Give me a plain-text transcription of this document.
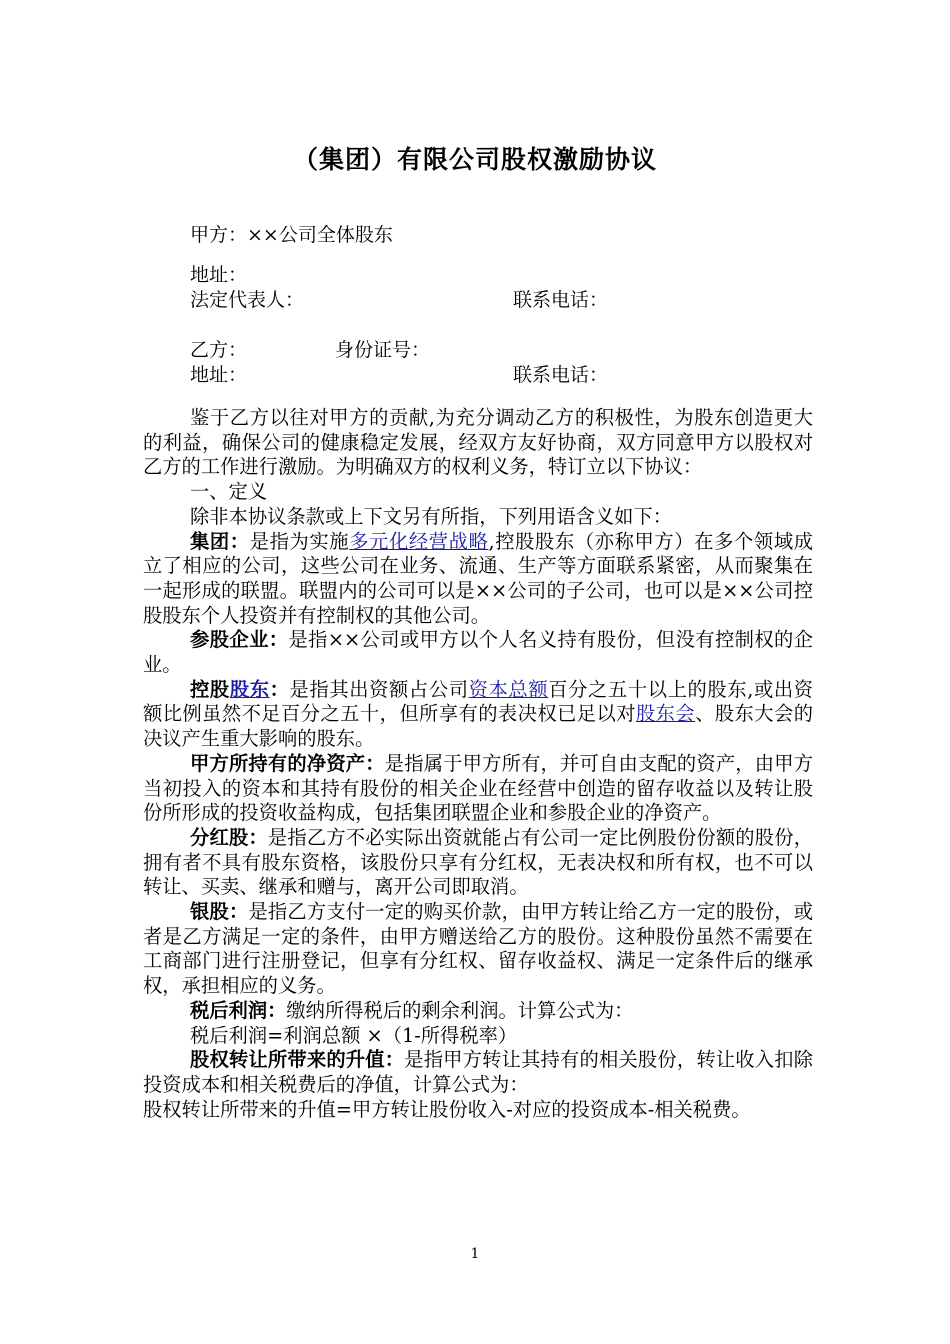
（集团）有限公司股权激励协议
甲方：××公司全体股东
地址：
法定代表人：	联系电话：
乙方：	身份证号：
地址：	联系电话：

鉴于乙方以往对甲方的贡献,为充分调动乙方的积极性，为股东创造更大的利益，确保公司的健康稳定发展，经双方友好协商，双方同意甲方以股权对乙方的工作进行激励。为明确双方的权利义务，特订立以下协议：

一、定义

除非本协议条款或上下文另有所指，下列用语含义如下：

集团：是指为实施多元化经营战略,控股股东（亦称甲方）在多个领域成立了相应的公司，这些公司在业务、流通、生产等方面联系紧密，从而聚集在一起形成的联盟。联盟内的公司可以是××公司的子公司，也可以是××公司控股股东个人投资并有控制权的其他公司。

参股企业：是指××公司或甲方以个人名义持有股份，但没有控制权的企业。

控股股东：是指其出资额占公司资本总额百分之五十以上的股东,或出资额比例虽然不足百分之五十，但所享有的表决权已足以对股东会、股东大会的决议产生重大影响的股东。

甲方所持有的净资产：是指属于甲方所有，并可自由支配的资产，由甲方当初投入的资本和其持有股份的相关企业在经营中创造的留存收益以及转让股份所形成的投资收益构成，包括集团联盟企业和参股企业的净资产。

分红股：是指乙方不必实际出资就能占有公司一定比例股份份额的股份，拥有者不具有股东资格，该股份只享有分红权，无表决权和所有权，也不可以转让、买卖、继承和赠与，离开公司即取消。

银股：是指乙方支付一定的购买价款，由甲方转让给乙方一定的股份，或者是乙方满足一定的条件，由甲方赠送给乙方的股份。这种股份虽然不需要在工商部门进行注册登记，但享有分红权、留存收益权、满足一定条件后的继承权，承担相应的义务。

税后利润：缴纳所得税后的剩余利润。计算公式为：

税后利润=利润总额 ×（1-所得税率）

股权转让所带来的升值：是指甲方转让其持有的相关股份，转让收入扣除投资成本和相关税费后的净值，计算公式为：

股权转让所带来的升值=甲方转让股份收入-对应的投资成本-相关税费。

1
